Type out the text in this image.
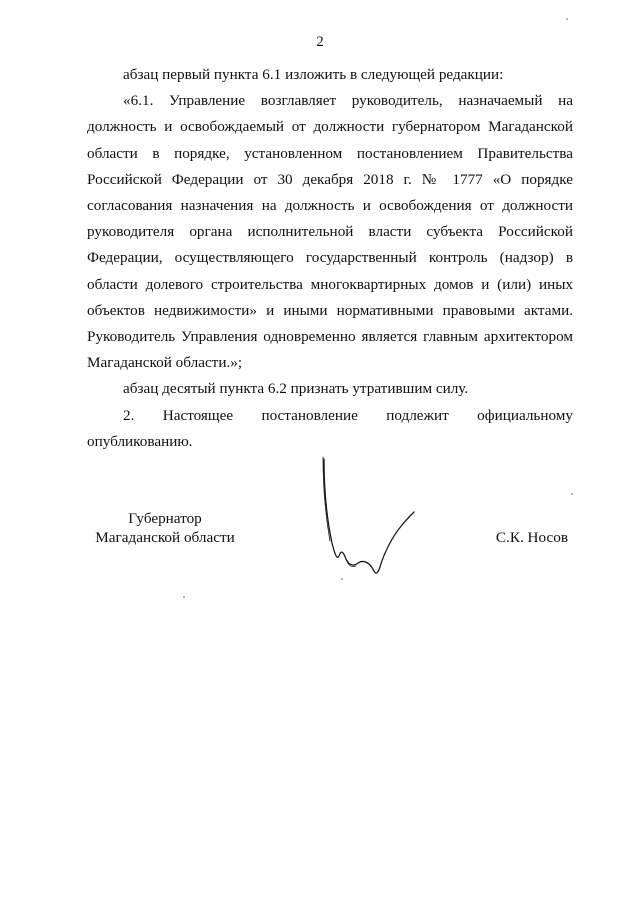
2

абзац первый пункта 6.1 изложить в следующей редакции:

«6.1. Управление возглавляет руководитель, назначаемый на должность и освобождаемый от должности губернатором Магаданской области в порядке, установленном постановлением Правительства Российской Федерации от 30 декабря 2018 г. № 1777 «О порядке согласования назначения на должность и освобождения от должности руководителя органа исполнительной власти субъекта Российской Федерации, осуществляющего государственный контроль (надзор) в области долевого строительства многоквартирных домов и (или) иных объектов недвижимости» и иными нормативными правовыми актами. Руководитель Управления одновременно является главным архитектором Магаданской области.»;

абзац десятый пункта 6.2 признать утратившим силу.

2. Настоящее постановление подлежит официальному опубликованию.

Губернатор
Магаданской области	С.К. Носов
